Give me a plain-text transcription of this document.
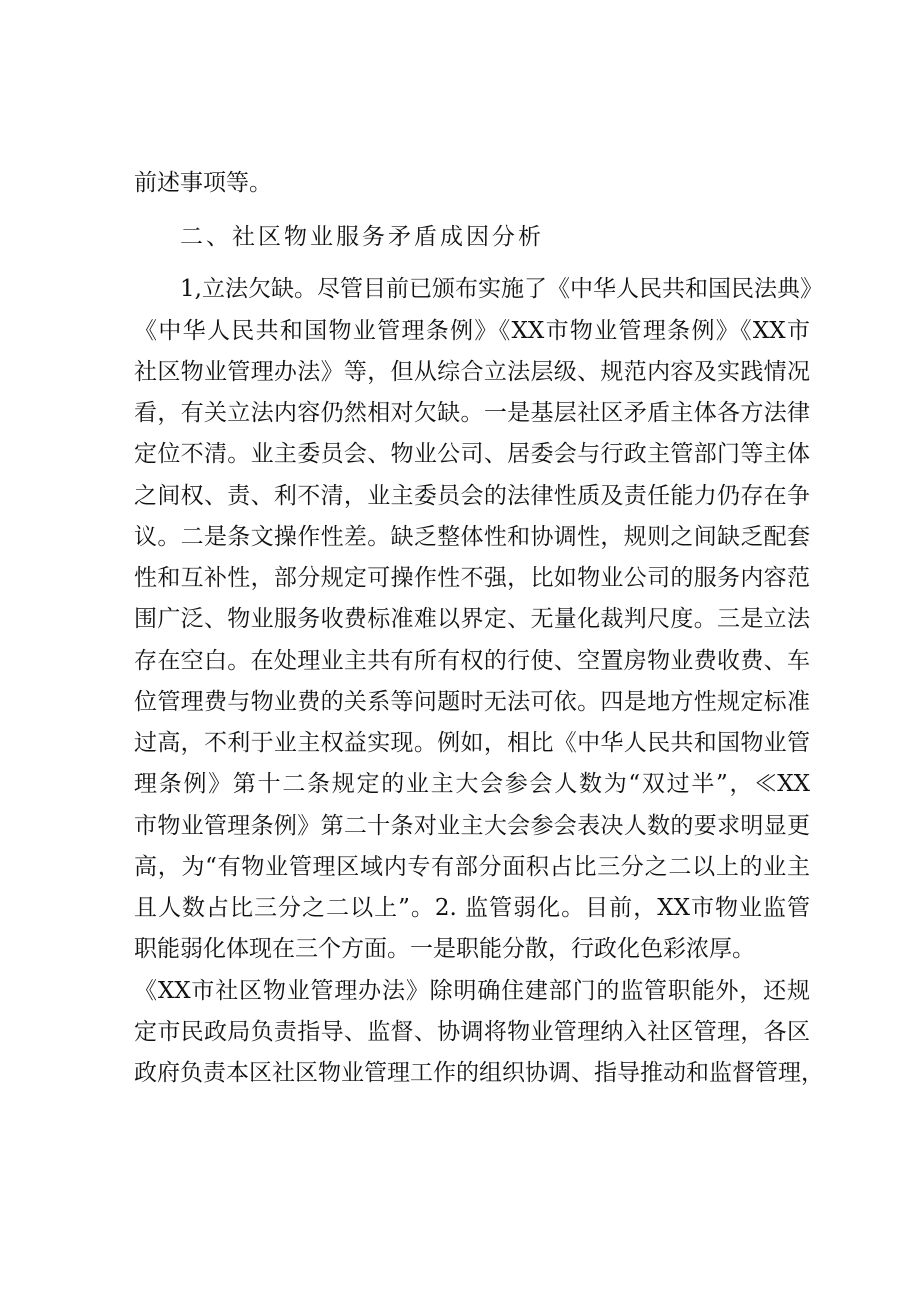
前述事项等。

二、社区物业服务矛盾成因分析

1,立法欠缺。尽管目前已颁布实施了《中华人民共和国民法典》

《中华人民共和国物业管理条例》《XX市物业管理条例》《XX市

社区物业管理办法》等，但从综合立法层级、规范内容及实践情况

看，有关立法内容仍然相对欠缺。一是基层社区矛盾主体各方法律

定位不清。业主委员会、物业公司、居委会与行政主管部门等主体

之间权、责、利不清，业主委员会的法律性质及责任能力仍存在争

议。二是条文操作性差。缺乏整体性和协调性，规则之间缺乏配套

性和互补性，部分规定可操作性不强，比如物业公司的服务内容范

围广泛、物业服务收费标准难以界定、无量化裁判尺度。三是立法

存在空白。在处理业主共有所有权的行使、空置房物业费收费、车

位管理费与物业费的关系等问题时无法可依。四是地方性规定标准

过高，不利于业主权益实现。例如，相比《中华人民共和国物业管

理条例》第十二条规定的业主大会参会人数为“双过半”，≪XX

市物业管理条例》第二十条对业主大会参会表决人数的要求明显更

高，为“有物业管理区域内专有部分面积占比三分之二以上的业主

且人数占比三分之二以上”。2. 监管弱化。目前，XX市物业监管

职能弱化体现在三个方面。一是职能分散，行政化色彩浓厚。

《XX市社区物业管理办法》除明确住建部门的监管职能外，还规

定市民政局负责指导、监督、协调将物业管理纳入社区管理，各区

政府负责本区社区物业管理工作的组织协调、指导推动和监督管理，
